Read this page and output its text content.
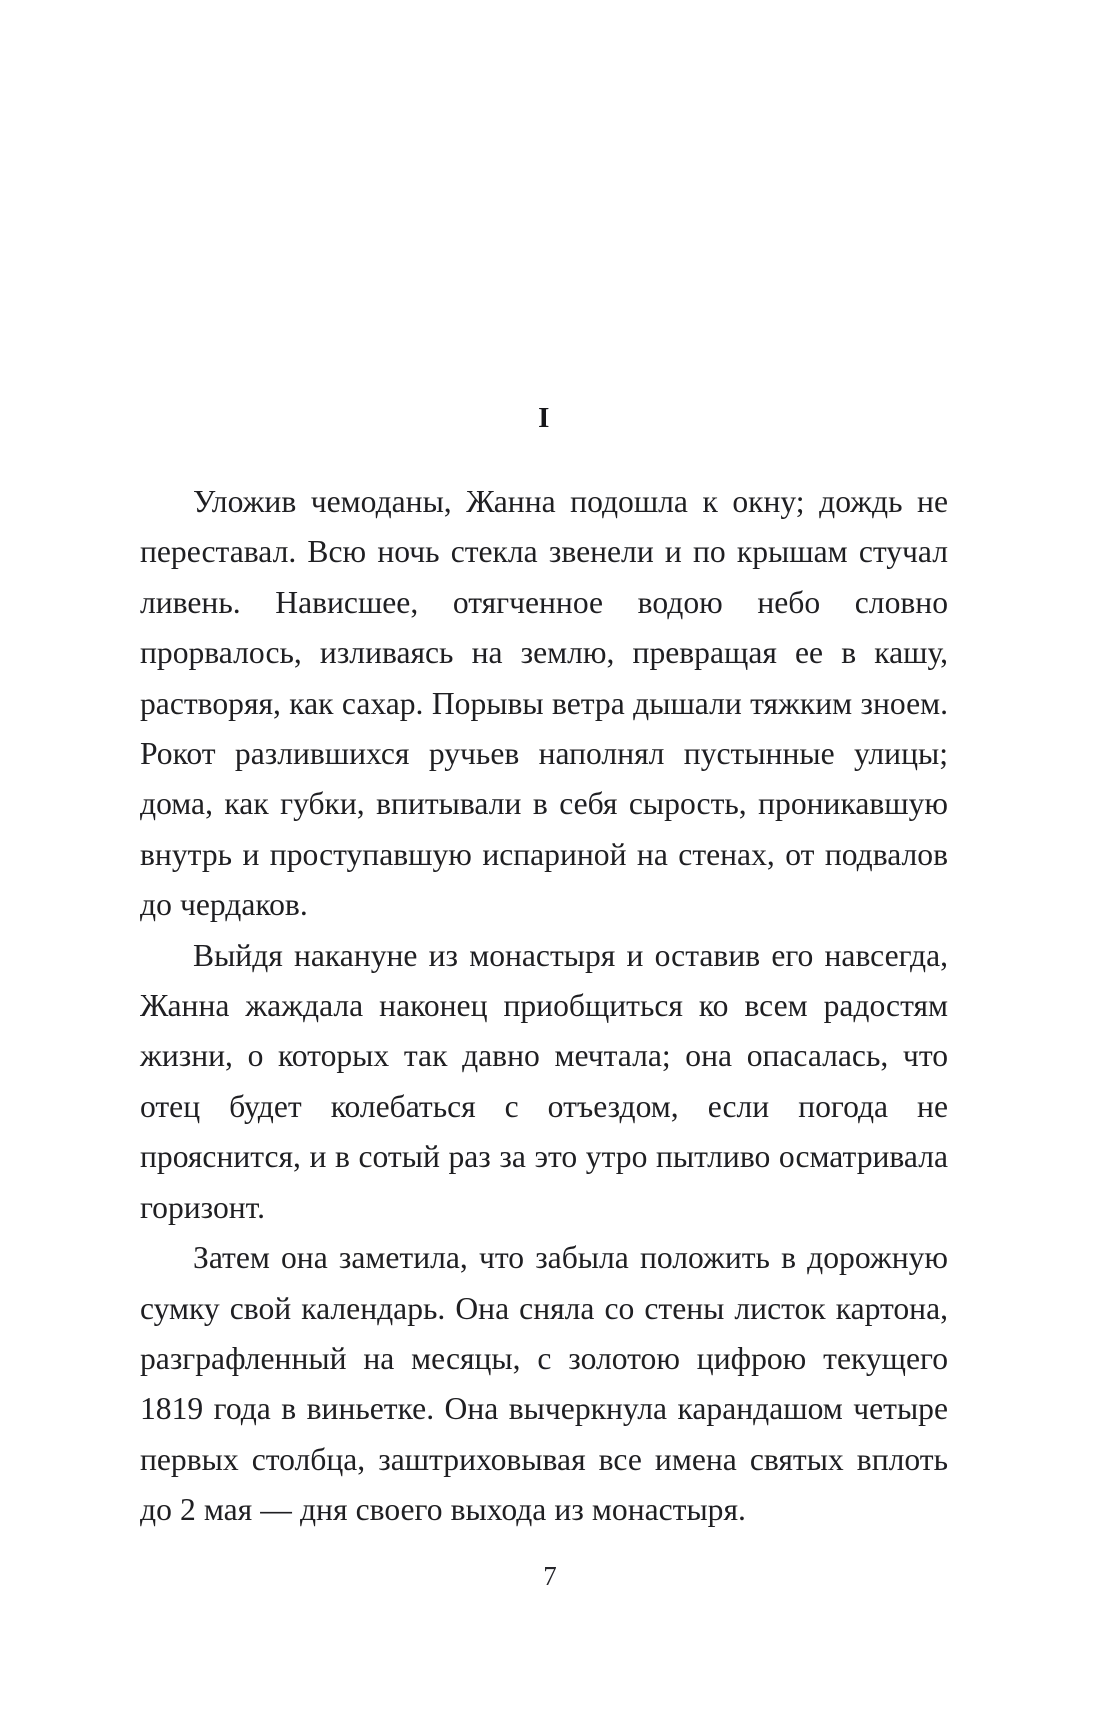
I

Уложив чемоданы, Жанна подошла к окну; дождь не переставал. Всю ночь стекла звенели и по крышам стучал ливень. Нависшее, отягченное водою небо словно прорвалось, изливаясь на землю, превращая ее в кашу, растворяя, как сахар. Порывы ветра дышали тяжким зноем. Рокот разлившихся ручьев наполнял пустынные улицы; дома, как губки, впитывали в себя сырость, проникавшую внутрь и проступавшую испариной на стенах, от подвалов до чердаков.

Выйдя накануне из монастыря и оставив его навсегда, Жанна жаждала наконец приобщиться ко всем радостям жизни, о которых так давно мечтала; она опасалась, что отец будет колебаться с отъездом, если погода не прояснится, и в сотый раз за это утро пытливо осматривала горизонт.

Затем она заметила, что забыла положить в дорожную сумку свой календарь. Она сняла со стены листок картона, разграфленный на месяцы, с золотою цифрою текущего 1819 года в виньетке. Она вычеркнула карандашом четыре первых столбца, заштриховывая все имена святых вплоть до 2 мая — дня своего выхода из монастыря.

7
